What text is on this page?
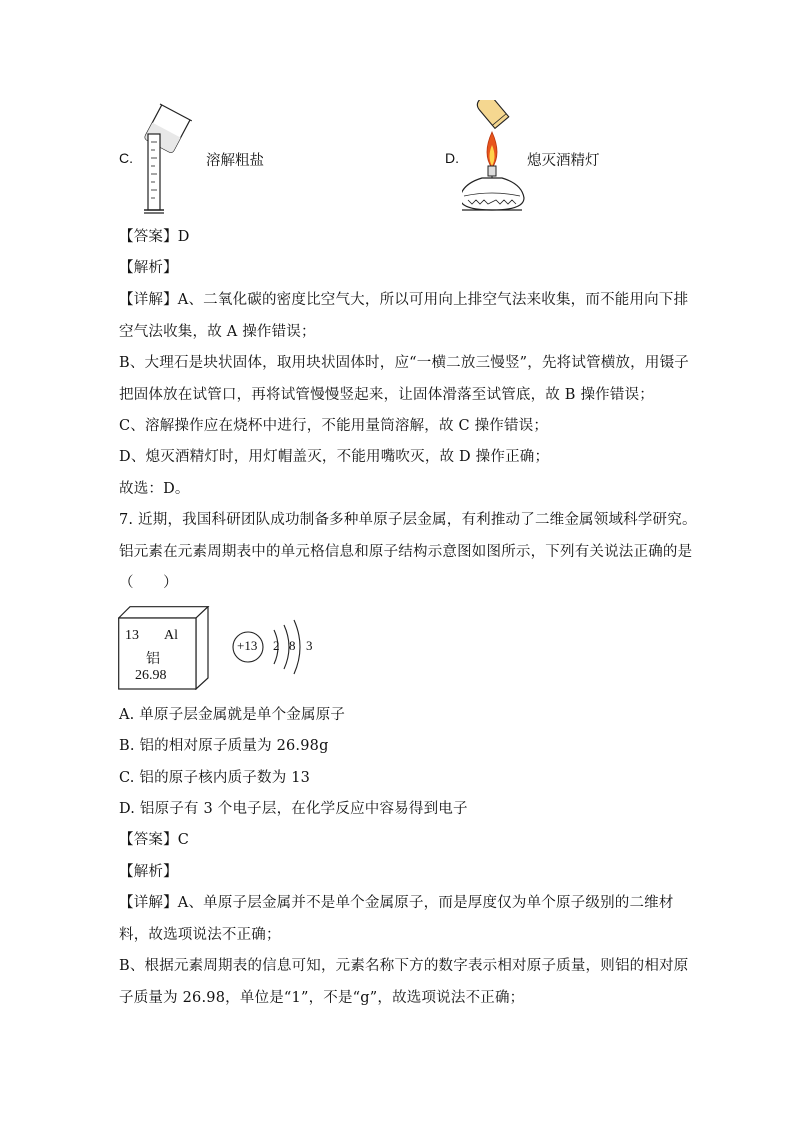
C.	溶解粗盐	D.	熄灭酒精灯
【答案】D
【解析】
【详解】A、二氧化碳的密度比空气大，所以可用向上排空气法来收集，而不能用向下排
空气法收集，故 A 操作错误；
B、大理石是块状固体，取用块状固体时，应“一横二放三慢竖”，先将试管横放，用镊子
把固体放在试管口，再将试管慢慢竖起来，让固体滑落至试管底，故 B 操作错误；
C、溶解操作应在烧杯中进行，不能用量筒溶解，故 C 操作错误；
D、熄灭酒精灯时，用灯帽盖灭，不能用嘴吹灭，故 D 操作正确；
故选：D。
7. 近期，我国科研团队成功制备多种单原子层金属，有利推动了二维金属领域科学研究。
铝元素在元素周期表中的单元格信息和原子结构示意图如图所示，下列有关说法正确的是
（　　）
13 Al
铝
26.98
+13 2 8 3
A. 单原子层金属就是单个金属原子
B. 铝的相对原子质量为 26.98g
C. 铝的原子核内质子数为 13
D. 铝原子有 3 个电子层，在化学反应中容易得到电子
【答案】C
【解析】
【详解】A、单原子层金属并不是单个金属原子，而是厚度仅为单个原子级别的二维材
料，故选项说法不正确；
B、根据元素周期表的信息可知，元素名称下方的数字表示相对原子质量，则铝的相对原
子质量为 26.98，单位是“1”，不是“g”，故选项说法不正确；
